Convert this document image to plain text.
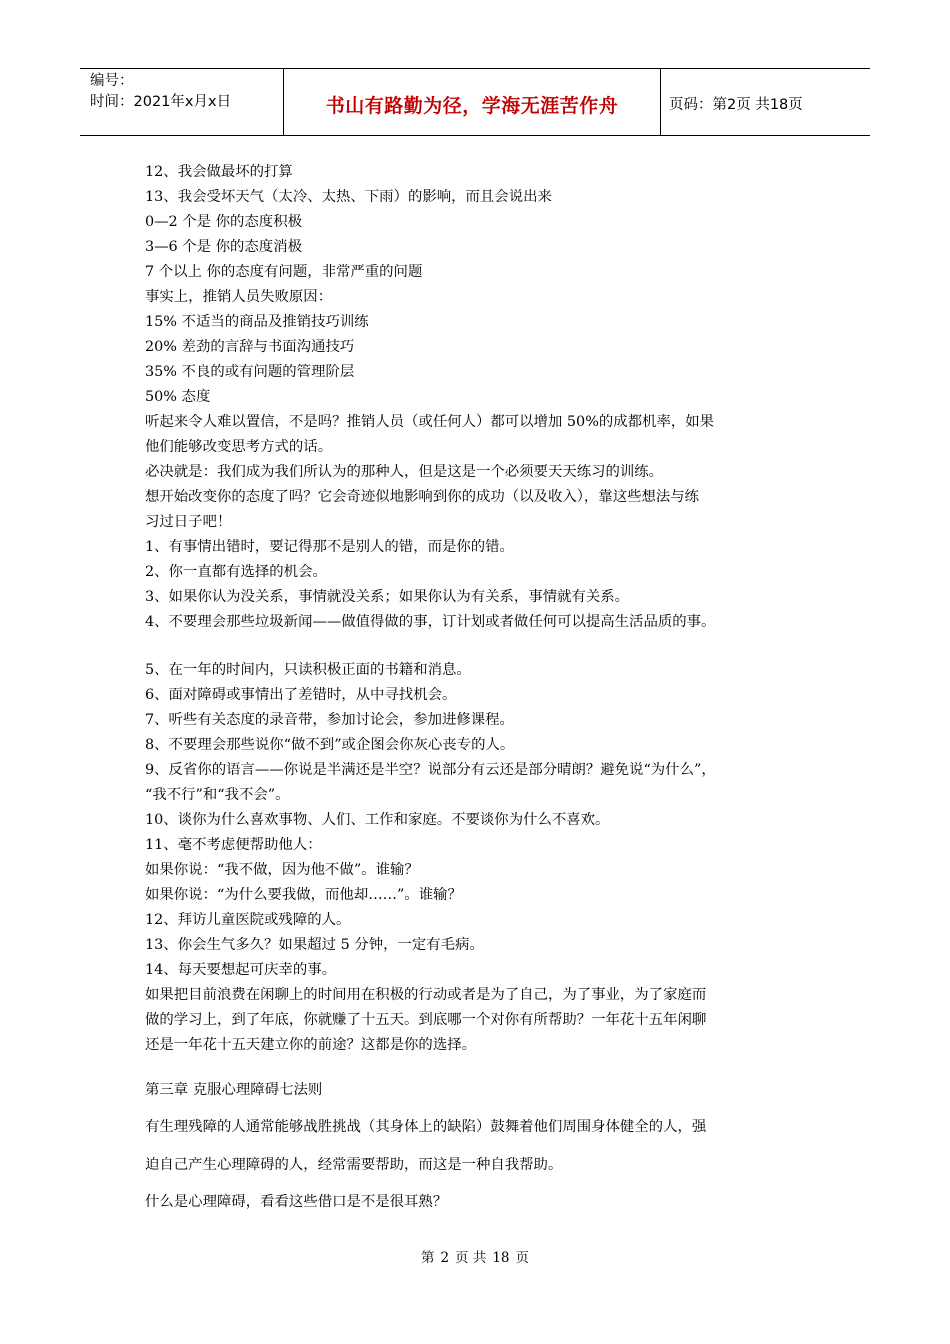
编号：
时间：2021年x月x日	书山有路勤为径，学海无涯苦作舟	页码：第2页 共18页
12、我会做最坏的打算
13、我会受坏天气（太冷、太热、下雨）的影响，而且会说出来
0—2 个是 你的态度积极
3—6 个是 你的态度消极
7 个以上 你的态度有问题，非常严重的问题
事实上，推销人员失败原因：
15% 不适当的商品及推销技巧训练
20% 差劲的言辞与书面沟通技巧
35% 不良的或有问题的管理阶层
50% 态度
听起来令人难以置信，不是吗？推销人员（或任何人）都可以增加 50%的成都机率，如果
他们能够改变思考方式的话。
必决就是：我们成为我们所认为的那种人，但是这是一个必须要天天练习的训练。
想开始改变你的态度了吗？它会奇迹似地影响到你的成功（以及收入），靠这些想法与练
习过日子吧！
1、有事情出错时，要记得那不是别人的错，而是你的错。
2、你一直都有选择的机会。
3、如果你认为没关系，事情就没关系；如果你认为有关系，事情就有关系。
4、不要理会那些垃圾新闻——做值得做的事，订计划或者做任何可以提高生活品质的事。
5、在一年的时间内，只读积极正面的书籍和消息。
6、面对障碍或事情出了差错时，从中寻找机会。
7、听些有关态度的录音带，参加讨论会，参加进修课程。
8、不要理会那些说你“做不到”或企图会你灰心丧专的人。
9、反省你的语言——你说是半满还是半空？说部分有云还是部分晴朗？避免说“为什么”，
“我不行”和“我不会”。
10、谈你为什么喜欢事物、人们、工作和家庭。不要谈你为什么不喜欢。
11、毫不考虑便帮助他人：
如果你说：“我不做，因为他不做”。谁输？
如果你说：“为什么要我做，而他却……”。谁输？
12、拜访儿童医院或残障的人。
13、你会生气多久？如果超过 5 分钟，一定有毛病。
14、每天要想起可庆幸的事。
如果把目前浪费在闲聊上的时间用在积极的行动或者是为了自己，为了事业，为了家庭而
做的学习上，到了年底，你就赚了十五天。到底哪一个对你有所帮助？一年花十五年闲聊
还是一年花十五天建立你的前途？这都是你的选择。
第三章 克服心理障碍七法则
有生理残障的人通常能够战胜挑战（其身体上的缺陷）鼓舞着他们周围身体健全的人，强
迫自己产生心理障碍的人，经常需要帮助，而这是一种自我帮助。
什么是心理障碍，看看这些借口是不是很耳熟？
第 2 页 共 18 页
